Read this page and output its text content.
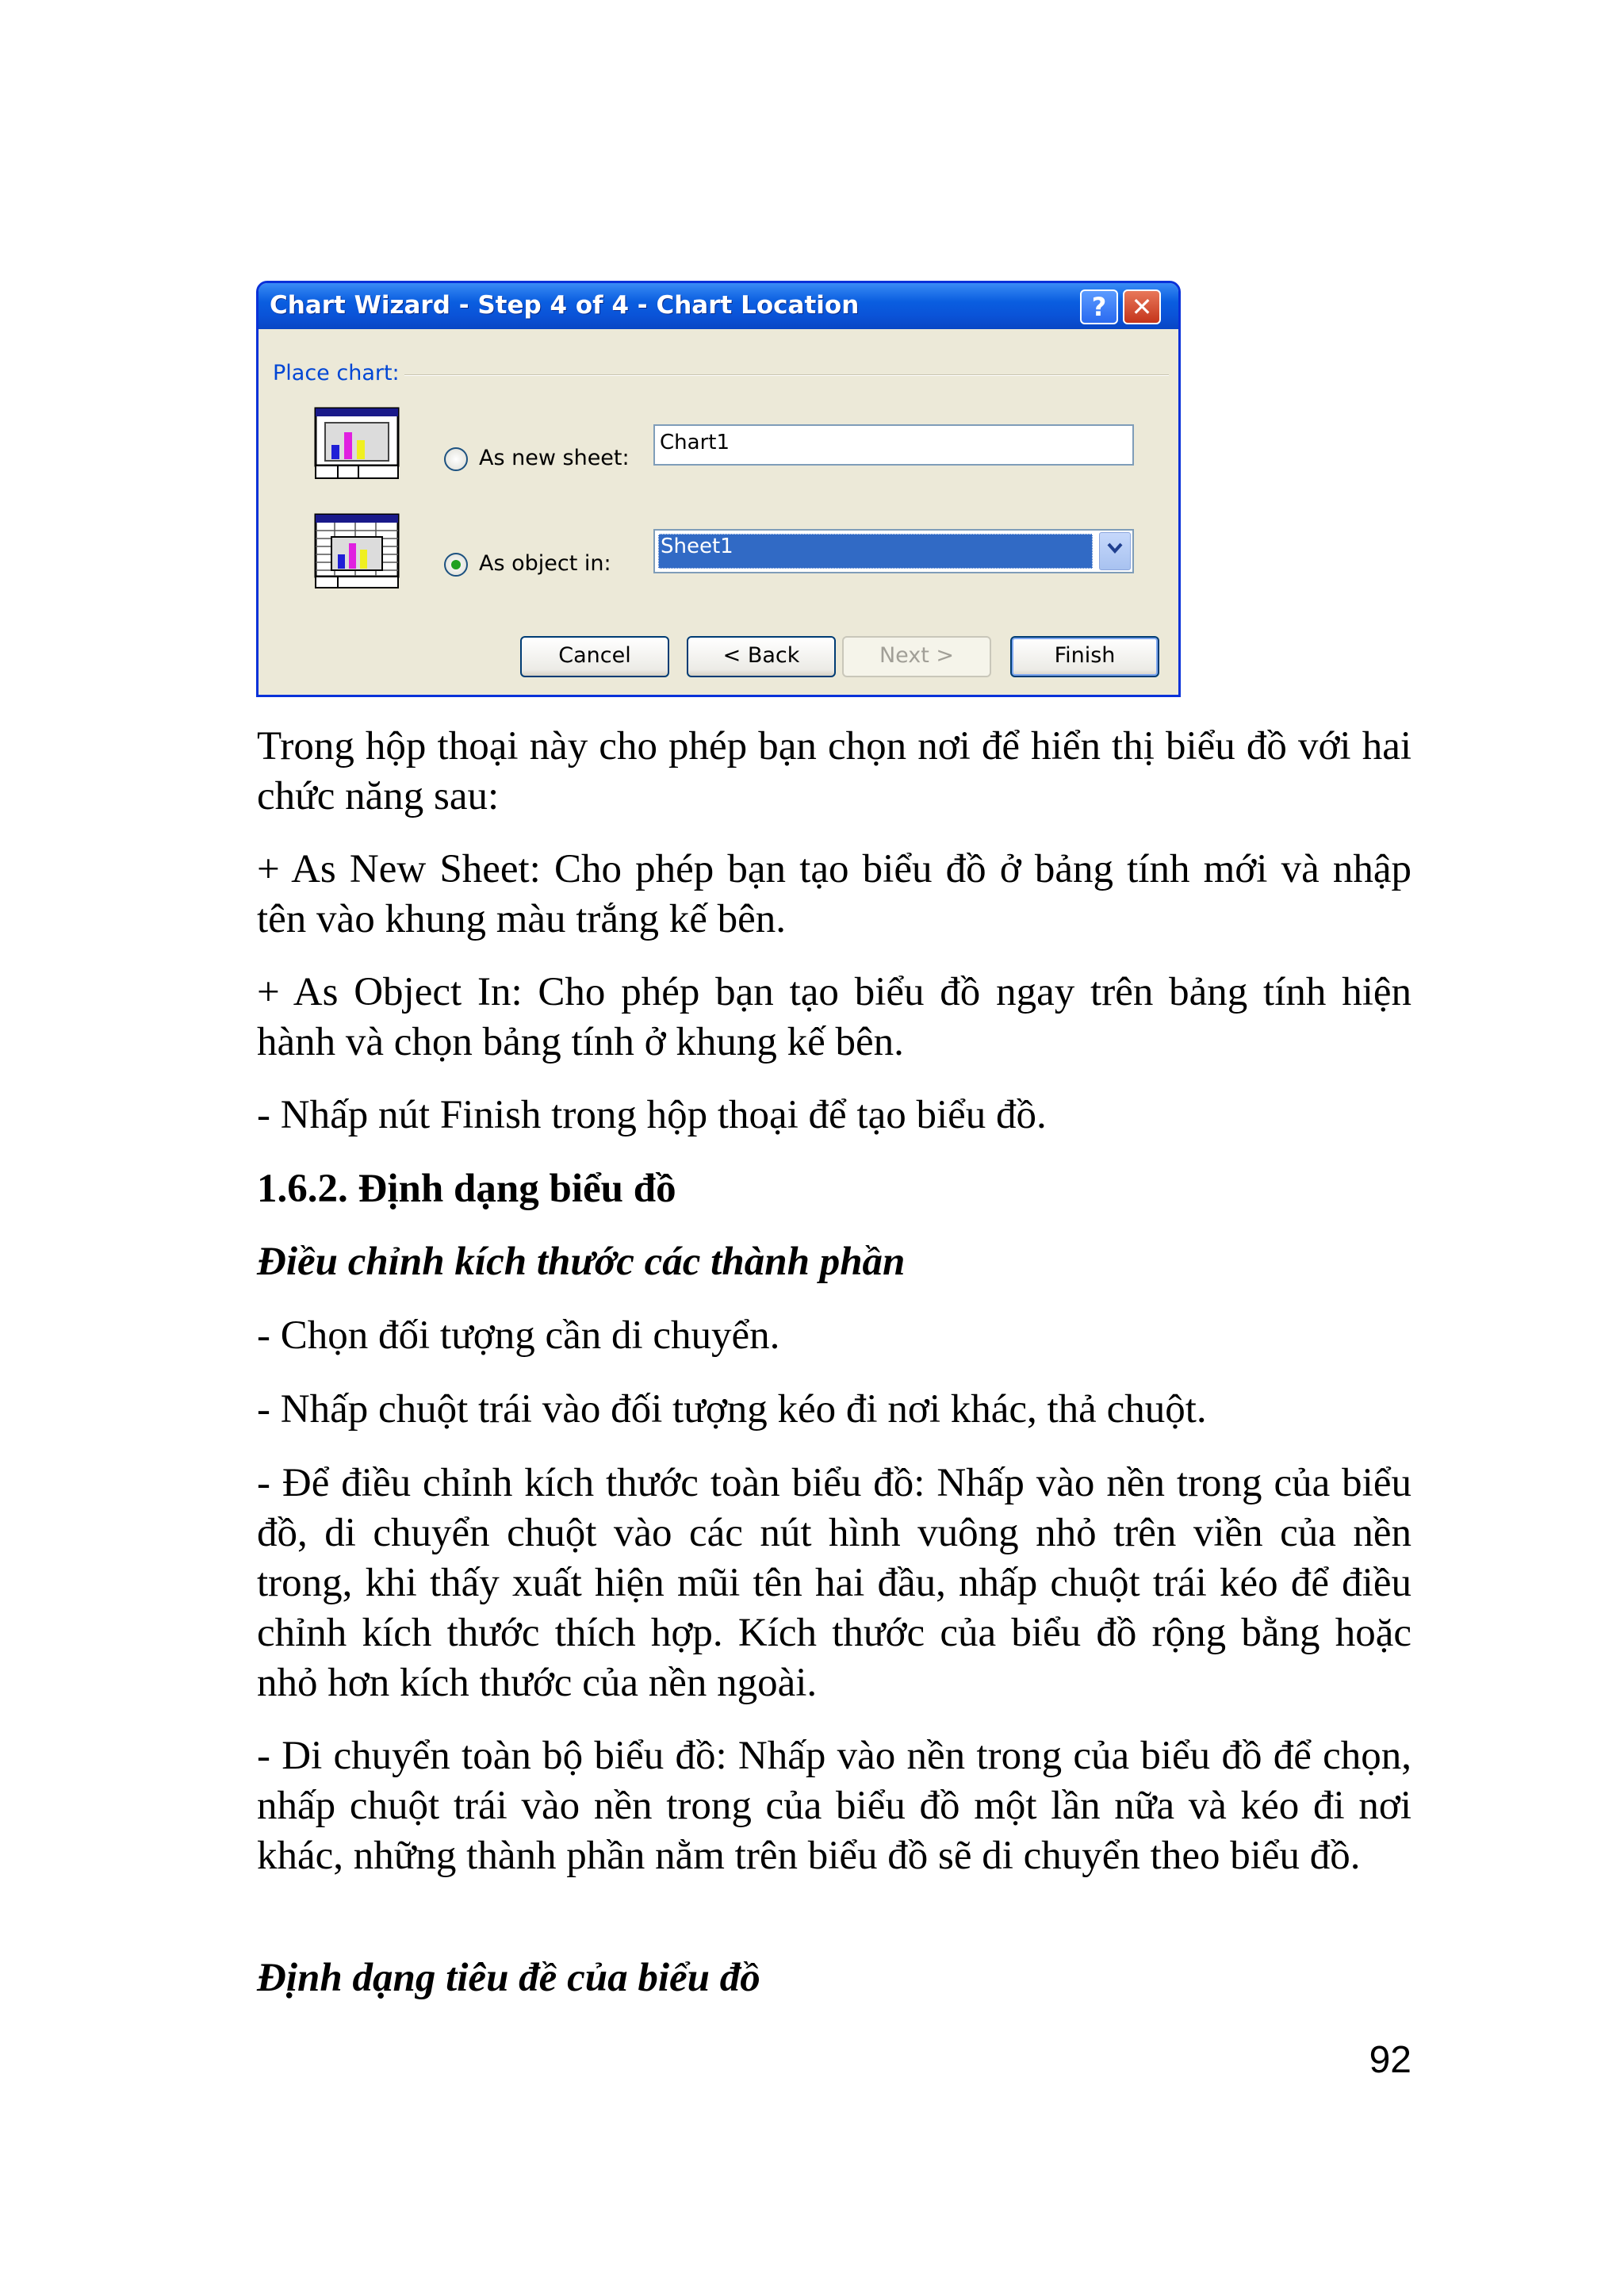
Chart Wizard - Step 4 of 4 - Chart Location	? ✕
Place chart:
As new sheet:
Chart1
As object in:
Sheet1
Cancel	< Back	Next >	Finish

Trong hộp thoại này cho phép bạn chọn nơi để hiển thị biểu đồ với hai chức năng sau:

+ As New Sheet: Cho phép bạn tạo biểu đồ ở bảng tính mới và nhập tên vào khung màu trắng kế bên.

+ As Object In: Cho phép bạn tạo biểu đồ ngay trên bảng tính hiện hành và chọn bảng tính ở khung kế bên.

- Nhấp nút Finish trong hộp thoại để tạo biểu đồ.

1.6.2. Định dạng biểu đồ
Điều chỉnh kích thước các thành phần

- Chọn đối tượng cần di chuyển.

- Nhấp chuột trái vào đối tượng kéo đi nơi khác, thả chuột.

- Để điều chỉnh kích thước toàn biểu đồ: Nhấp vào nền trong của biểu đồ, di chuyển chuột vào các nút hình vuông nhỏ trên viền của nền trong, khi thấy xuất hiện mũi tên hai đầu, nhấp chuột trái kéo để điều chỉnh kích thước thích hợp. Kích thước của biểu đồ rộng bằng hoặc nhỏ hơn kích thước của nền ngoài.

- Di chuyển toàn bộ biểu đồ: Nhấp vào nền trong của biểu đồ để chọn, nhấp chuột trái vào nền trong của biểu đồ một lần nữa và kéo đi nơi khác, những thành phần nằm trên biểu đồ sẽ di chuyển theo biểu đồ.

Định dạng tiêu đề của biểu đồ
92
